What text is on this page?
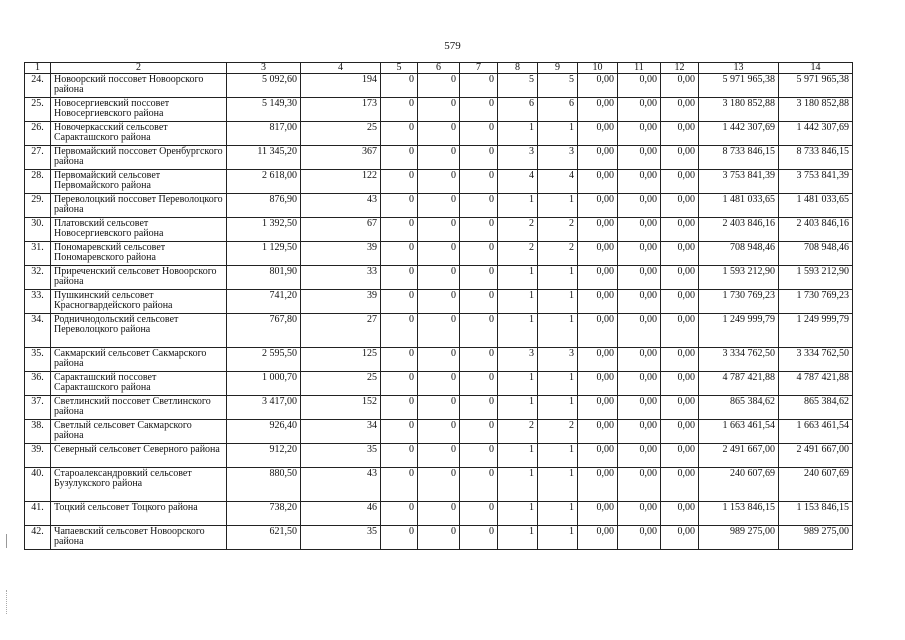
579
1	2	3	4	5	6	7	8	9	10	11	12	13	14
24.	Новоорский поссовет Новоорского района	5 092,60	194	0	0	0	5	5	0,00	0,00	0,00	5 971 965,38	5 971 965,38
25.	Новосергиевский поссовет Новосергиевского района	5 149,30	173	0	0	0	6	6	0,00	0,00	0,00	3 180 852,88	3 180 852,88
26.	Новочеркасский сельсовет Саракташского района	817,00	25	0	0	0	1	1	0,00	0,00	0,00	1 442 307,69	1 442 307,69
27.	Первомайский поссовет Оренбургского района	11 345,20	367	0	0	0	3	3	0,00	0,00	0,00	8 733 846,15	8 733 846,15
28.	Первомайский сельсовет Первомайского района	2 618,00	122	0	0	0	4	4	0,00	0,00	0,00	3 753 841,39	3 753 841,39
29.	Переволоцкий поссовет Переволоцкого района	876,90	43	0	0	0	1	1	0,00	0,00	0,00	1 481 033,65	1 481 033,65
30.	Платовский сельсовет Новосергиевского района	1 392,50	67	0	0	0	2	2	0,00	0,00	0,00	2 403 846,16	2 403 846,16
31.	Пономаревский сельсовет Пономаревского района	1 129,50	39	0	0	0	2	2	0,00	0,00	0,00	708 948,46	708 948,46
32.	Приреченский сельсовет Новоорского района	801,90	33	0	0	0	1	1	0,00	0,00	0,00	1 593 212,90	1 593 212,90
33.	Пушкинский сельсовет Красногвардейского района	741,20	39	0	0	0	1	1	0,00	0,00	0,00	1 730 769,23	1 730 769,23
34.	Родничнодольский сельсовет Переволоцкого района	767,80	27	0	0	0	1	1	0,00	0,00	0,00	1 249 999,79	1 249 999,79
35.	Сакмарский сельсовет Сакмарского района	2 595,50	125	0	0	0	3	3	0,00	0,00	0,00	3 334 762,50	3 334 762,50
36.	Саракташский поссовет Саракташского района	1 000,70	25	0	0	0	1	1	0,00	0,00	0,00	4 787 421,88	4 787 421,88
37.	Светлинский поссовет Светлинского района	3 417,00	152	0	0	0	1	1	0,00	0,00	0,00	865 384,62	865 384,62
38.	Светлый сельсовет Сакмарского района	926,40	34	0	0	0	2	2	0,00	0,00	0,00	1 663 461,54	1 663 461,54
39.	Северный сельсовет Северного района	912,20	35	0	0	0	1	1	0,00	0,00	0,00	2 491 667,00	2 491 667,00
40.	Староалександровкий сельсовет Бузулукского района	880,50	43	0	0	0	1	1	0,00	0,00	0,00	240 607,69	240 607,69
41.	Тоцкий сельсовет Тоцкого района	738,20	46	0	0	0	1	1	0,00	0,00	0,00	1 153 846,15	1 153 846,15
42.	Чапаевский сельсовет Новоорского района	621,50	35	0	0	0	1	1	0,00	0,00	0,00	989 275,00	989 275,00
